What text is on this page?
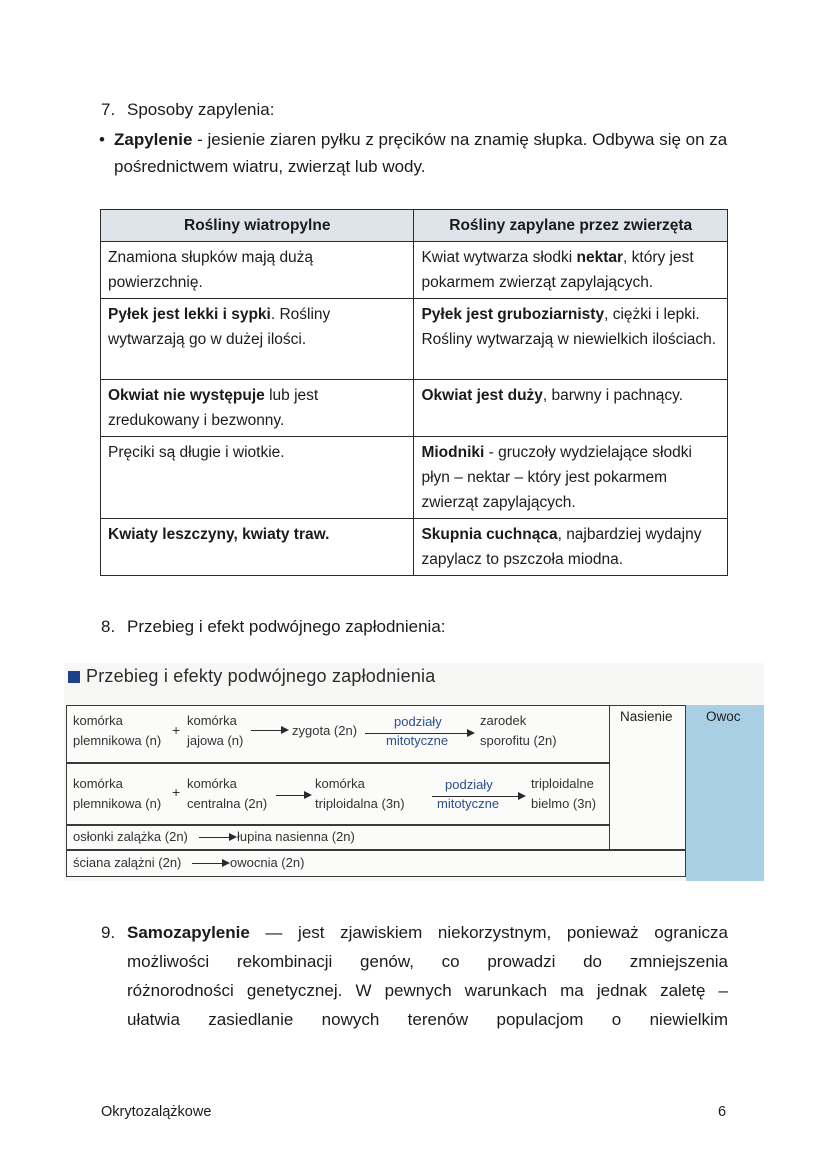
7. Sposoby zapylenia:
• Zapylenie - jesienie ziaren pyłku z pręcików na znamię słupka. Odbywa się on za pośrednictwem wiatru, zwierząt lub wody.
Rośliny wiatropylne	Rośliny zapylane przez zwierzęta
Znamiona słupków mają dużą powierzchnię.	Kwiat wytwarza słodki nektar, który jest pokarmem zwierząt zapylających.
Pyłek jest lekki i sypki. Rośliny wytwarzają go w dużej ilości.	Pyłek jest gruboziarnisty, ciężki i lepki. Rośliny wytwarzają w niewielkich ilościach.
Okwiat nie występuje lub jest zredukowany i bezwonny.	Okwiat jest duży, barwny i pachnący.
Pręciki są długie i wiotkie.	Miodniki - gruczoły wydzielające słodki płyn – nektar – który jest pokarmem zwierząt zapylających.
Kwiaty leszczyny, kwiaty traw.	Skupnia cuchnąca, najbardziej wydajny zapylacz to pszczoła miodna.
8. Przebieg i efekt podwójnego zapłodnienia:
Przebieg i efekty podwójnego zapłodnienia
Owoc
Nasienie
komórka
plemnikowa (n)
+
komórka
jajowa (n)
zygota (2n)
podziały
mitotyczne
zarodek
sporofitu (2n)
komórka
plemnikowa (n)
+
komórka
centralna (2n)
komórka
triploidalna (3n)
podziały
mitotyczne
triploidalne
bielmo (3n)
osłonki zalążka (2n)	łupina nasienna (2n)
ściana zalążni (2n)	owocnia (2n)
9. Samozapylenie — jest zjawiskiem niekorzystnym, ponieważ ogranicza
możliwości rekombinacji genów, co prowadzi do zmniejszenia
różnorodności genetycznej. W pewnych warunkach ma jednak zaletę –
ułatwia zasiedlanie nowych terenów populacjom o niewielkim
Okrytozalążkowe	6
